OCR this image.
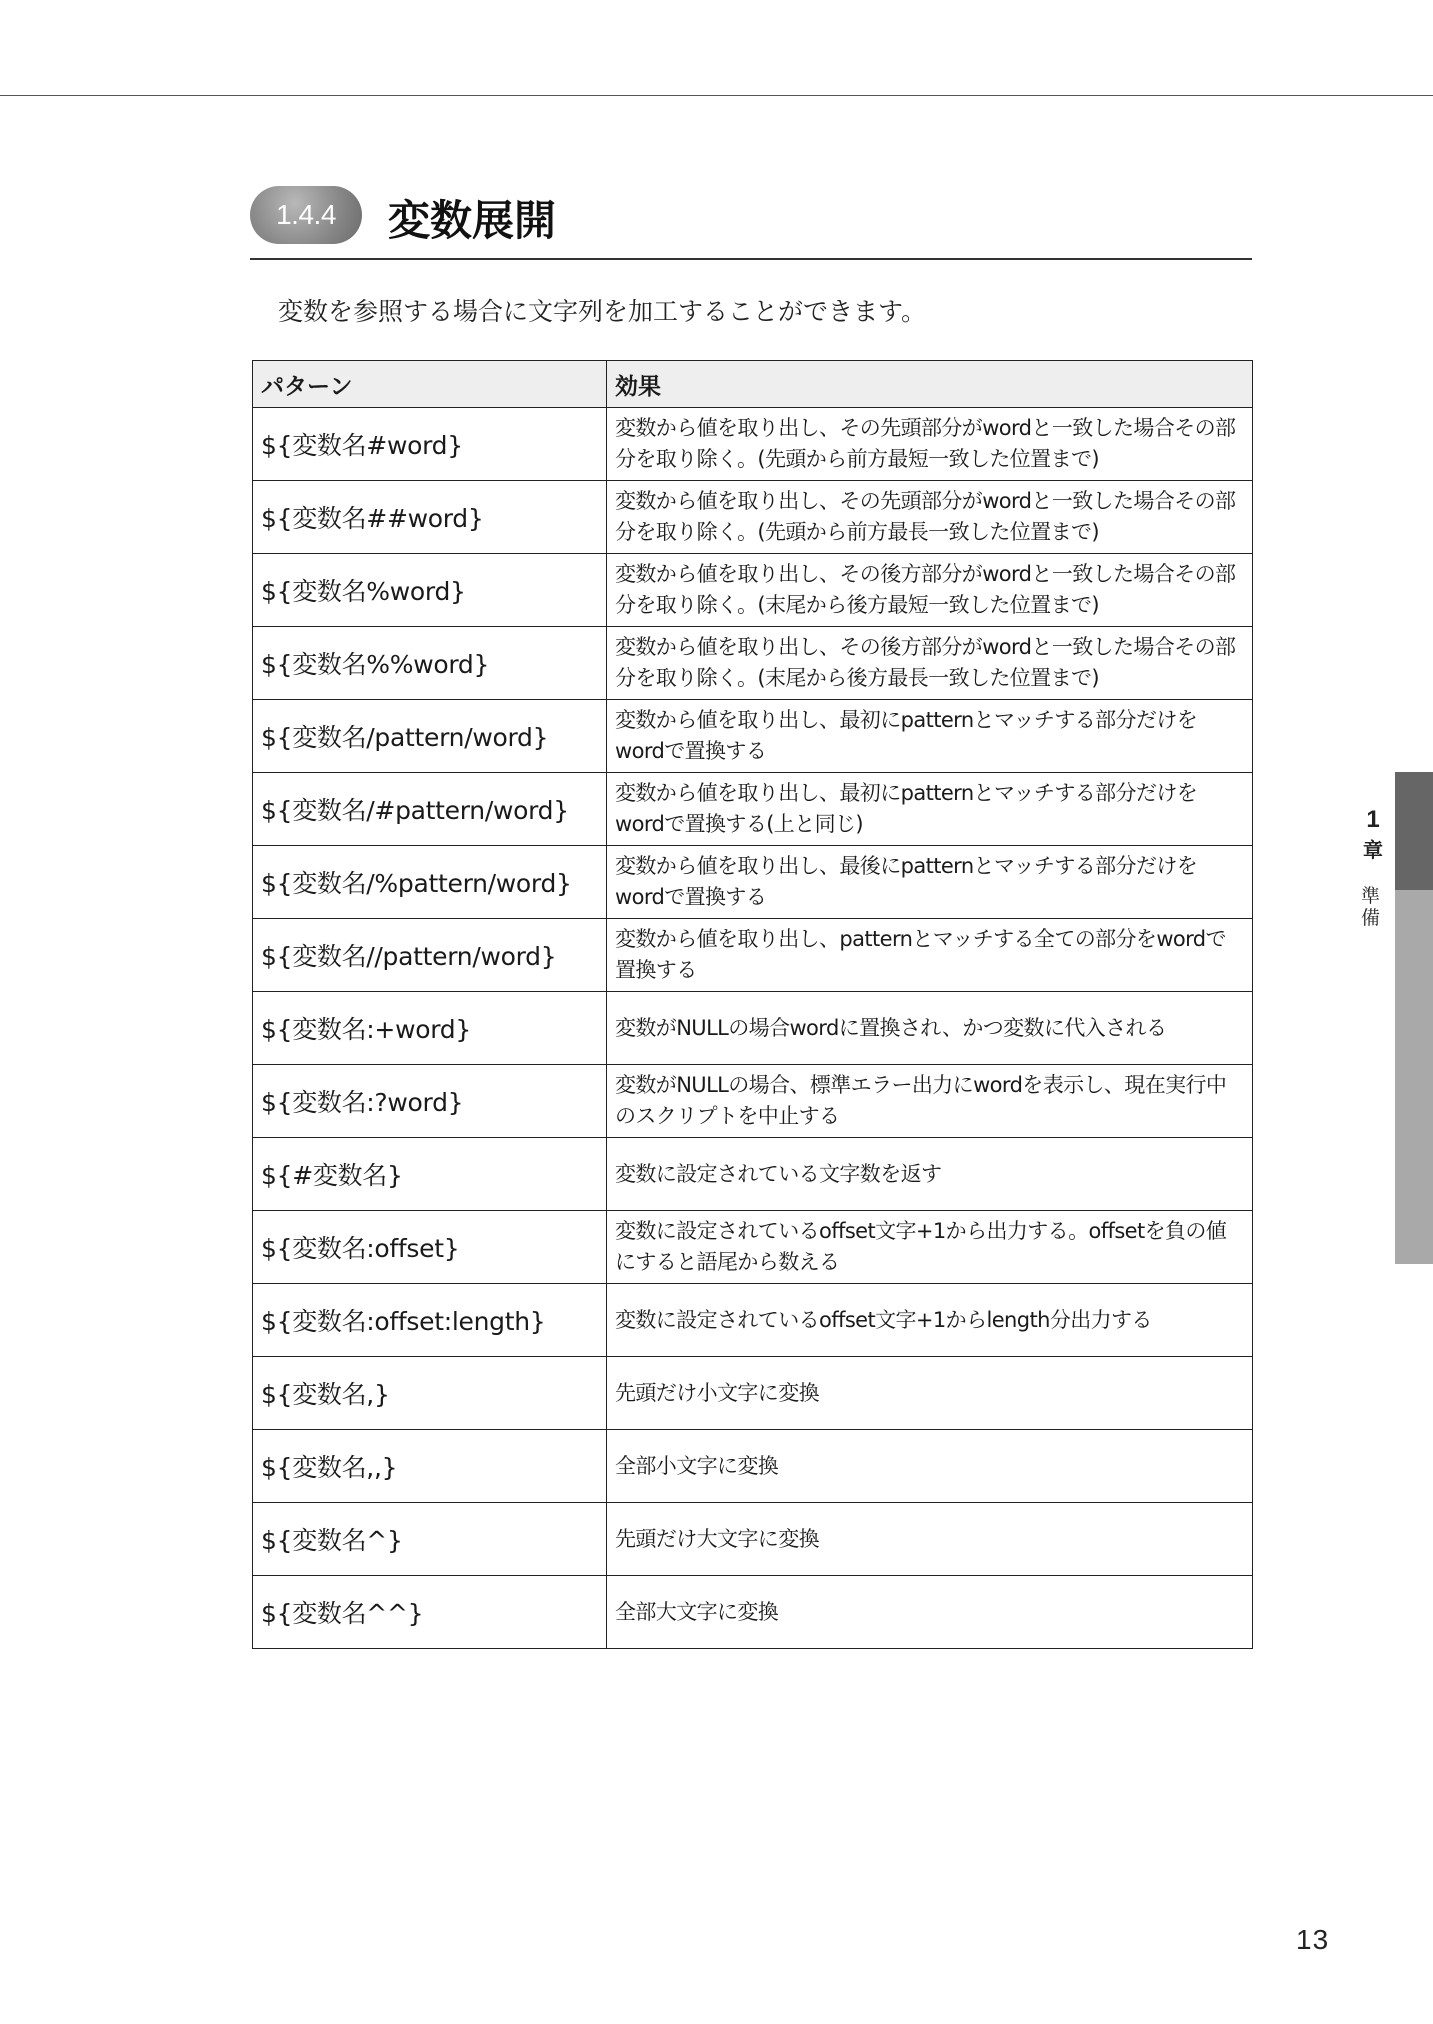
1.4.4	変数展開
変数を参照する場合に文字列を加工することができます。
パターン	効果
${変数名#word}	変数から値を取り出し、その先頭部分がwordと一致した場合その部分を取り除く。(先頭から前方最短一致した位置まで)
${変数名##word}	変数から値を取り出し、その先頭部分がwordと一致した場合その部分を取り除く。(先頭から前方最長一致した位置まで)
${変数名%word}	変数から値を取り出し、その後方部分がwordと一致した場合その部分を取り除く。(末尾から後方最短一致した位置まで)
${変数名%%word}	変数から値を取り出し、その後方部分がwordと一致した場合その部分を取り除く。(末尾から後方最長一致した位置まで)
${変数名/pattern/word}	変数から値を取り出し、最初にpatternとマッチする部分だけをwordで置換する
${変数名/#pattern/word}	変数から値を取り出し、最初にpatternとマッチする部分だけをwordで置換する(上と同じ)
${変数名/%pattern/word}	変数から値を取り出し、最後にpatternとマッチする部分だけをwordで置換する
${変数名//pattern/word}	変数から値を取り出し、patternとマッチする全ての部分をwordで置換する
${変数名:+word}	変数がNULLの場合wordに置換され、かつ変数に代入される
${変数名:?word}	変数がNULLの場合、標準エラー出力にwordを表示し、現在実行中のスクリプトを中止する
${#変数名}	変数に設定されている文字数を返す
${変数名:offset}	変数に設定されているoffset文字+1から出力する。offsetを負の値にすると語尾から数える
${変数名:offset:length}	変数に設定されているoffset文字+1からlength分出力する
${変数名,}	先頭だけ小文字に変換
${変数名,,}	全部小文字に変換
${変数名^}	先頭だけ大文字に変換
${変数名^^}	全部大文字に変換
1
章
準備
13
